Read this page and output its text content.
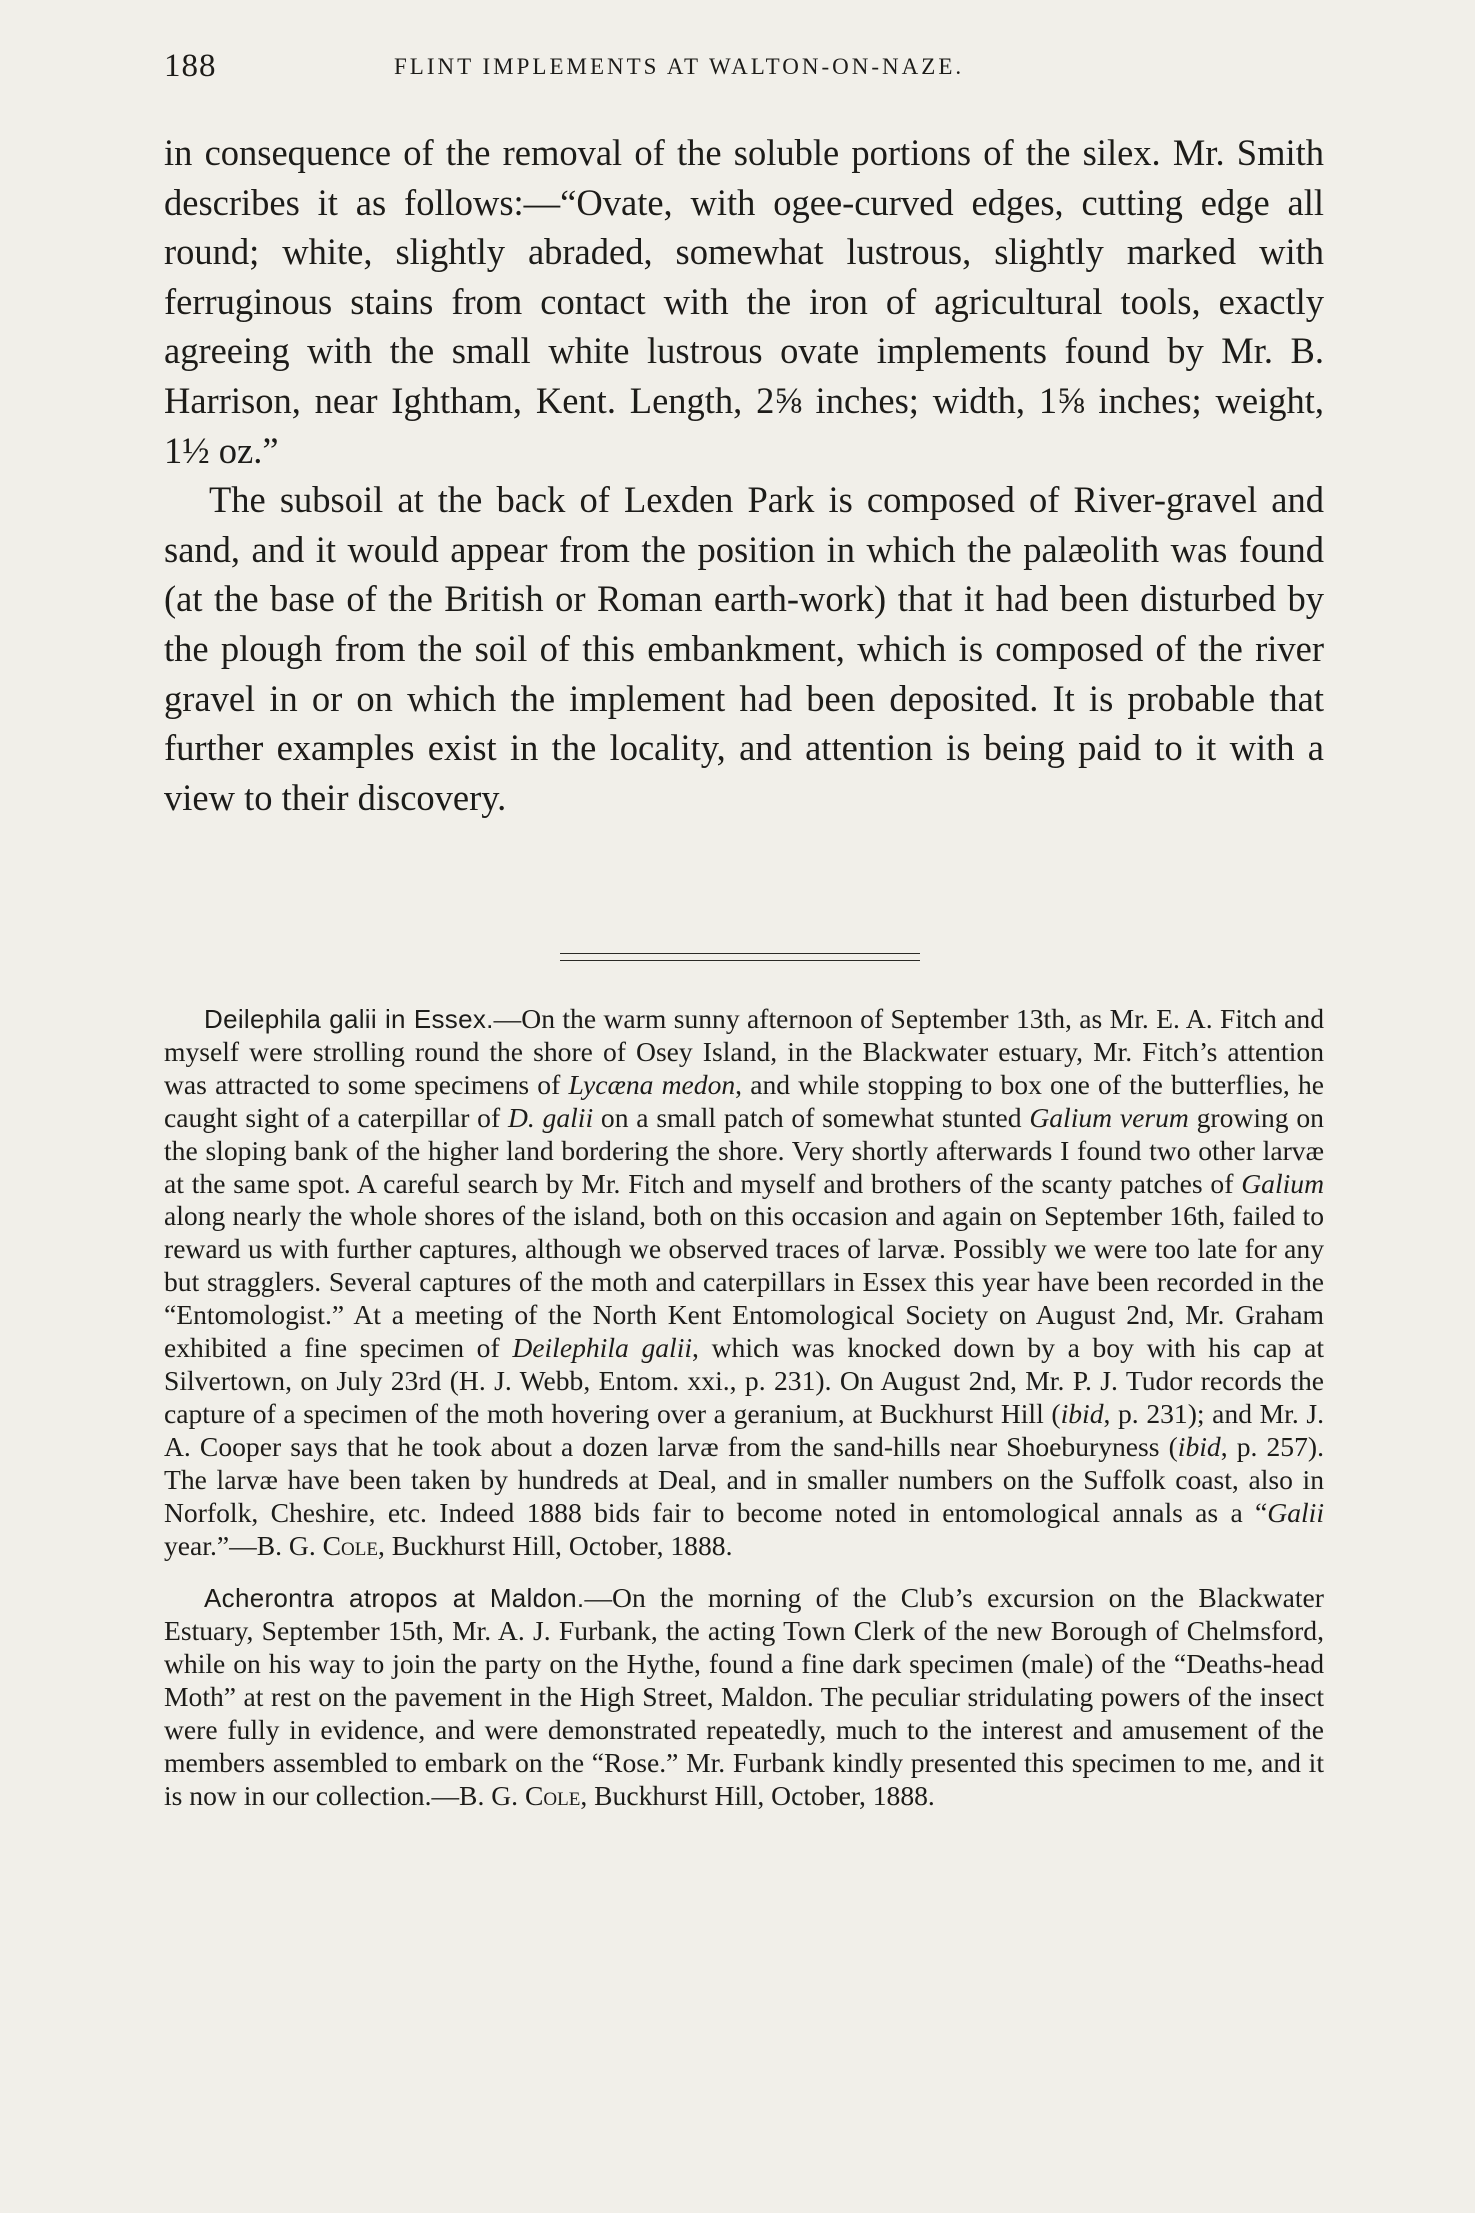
188	FLINT IMPLEMENTS AT WALTON-ON-NAZE.

in consequence of the removal of the soluble portions of the silex. Mr. Smith describes it as follows:—“Ovate, with ogee-curved edges, cutting edge all round; white, slightly abraded, somewhat lustrous, slightly marked with ferruginous stains from contact with the iron of agricultural tools, exactly agreeing with the small white lustrous ovate implements found by Mr. B. Harrison, near Ightham, Kent. Length, 2⅝ inches; width, 1⅝ inches; weight, 1½ oz.”

The subsoil at the back of Lexden Park is composed of River-gravel and sand, and it would appear from the position in which the palæolith was found (at the base of the British or Roman earth-work) that it had been disturbed by the plough from the soil of this embankment, which is composed of the river gravel in or on which the implement had been deposited. It is probable that further examples exist in the locality, and attention is being paid to it with a view to their discovery.

Deilephila galii in Essex.—On the warm sunny afternoon of September 13th, as Mr. E. A. Fitch and myself were strolling round the shore of Osey Island, in the Blackwater estuary, Mr. Fitch’s attention was attracted to some specimens of Lycæna medon, and while stopping to box one of the butterflies, he caught sight of a caterpillar of D. galii on a small patch of somewhat stunted Galium verum growing on the sloping bank of the higher land bordering the shore. Very shortly afterwards I found two other larvæ at the same spot. A careful search by Mr. Fitch and myself and brothers of the scanty patches of Galium along nearly the whole shores of the island, both on this occasion and again on September 16th, failed to reward us with further captures, although we observed traces of larvæ. Possibly we were too late for any but stragglers. Several captures of the moth and caterpillars in Essex this year have been recorded in the “Entomologist.” At a meeting of the North Kent Entomological Society on August 2nd, Mr. Graham exhibited a fine specimen of Deilephila galii, which was knocked down by a boy with his cap at Silvertown, on July 23rd (H. J. Webb, Entom. xxi., p. 231). On August 2nd, Mr. P. J. Tudor records the capture of a specimen of the moth hovering over a geranium, at Buckhurst Hill (ibid, p. 231); and Mr. J. A. Cooper says that he took about a dozen larvæ from the sand-hills near Shoeburyness (ibid, p. 257). The larvæ have been taken by hundreds at Deal, and in smaller numbers on the Suffolk coast, also in Norfolk, Cheshire, etc. Indeed 1888 bids fair to become noted in entomological annals as a “Galii year.”—B. G. Cole, Buckhurst Hill, October, 1888.

Acherontra atropos at Maldon.—On the morning of the Club’s excursion on the Blackwater Estuary, September 15th, Mr. A. J. Furbank, the acting Town Clerk of the new Borough of Chelmsford, while on his way to join the party on the Hythe, found a fine dark specimen (male) of the “Deaths-head Moth” at rest on the pavement in the High Street, Maldon. The peculiar stridulating powers of the insect were fully in evidence, and were demonstrated repeatedly, much to the interest and amusement of the members assembled to embark on the “Rose.” Mr. Furbank kindly presented this specimen to me, and it is now in our collection.—B. G. Cole, Buckhurst Hill, October, 1888.
